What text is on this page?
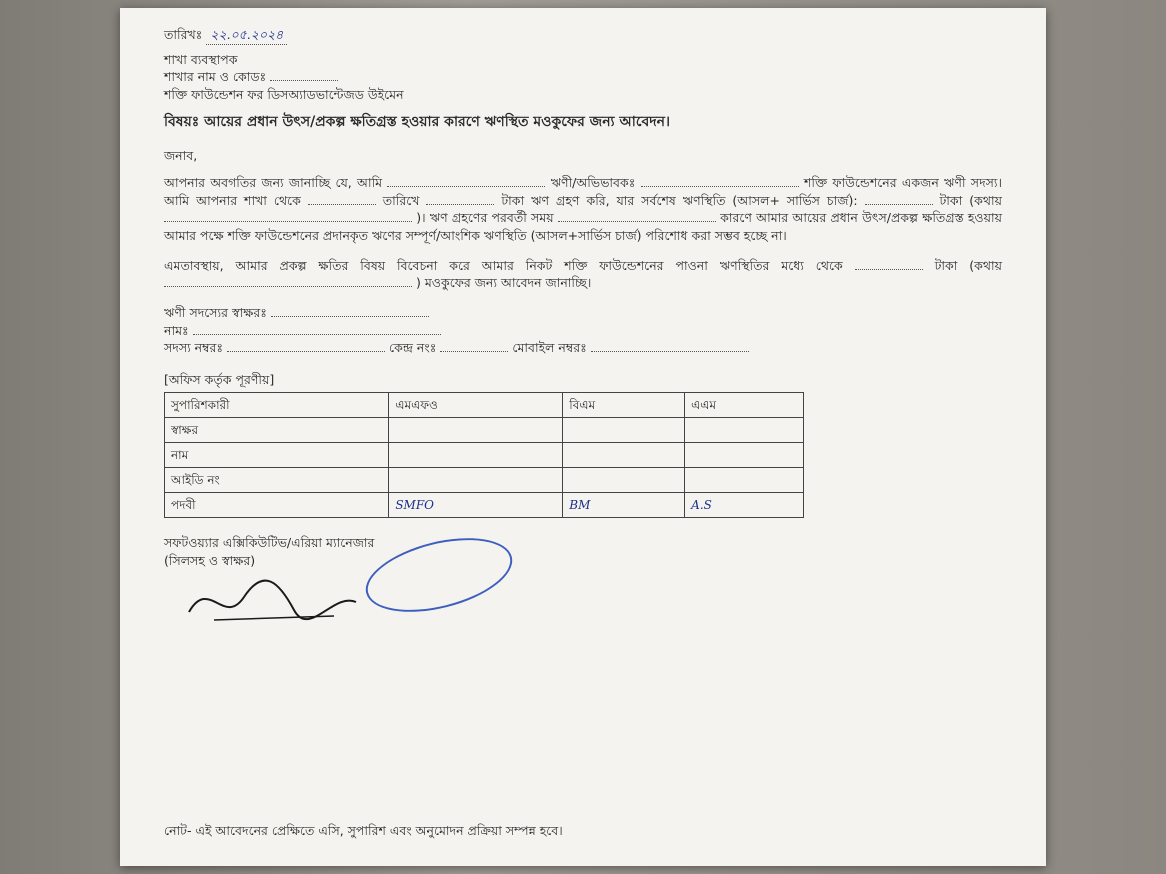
তারিখঃ ২২.০৫.২০২৪

শাখা ব্যবস্থাপক

শাখার নাম ও কোডঃ

শক্তি ফাউন্ডেশন ফর ডিসঅ্যাডভান্টেজড উইমেন

বিষয়ঃ আয়ের প্রধান উৎস/প্রকল্প ক্ষতিগ্রস্ত হওয়ার কারণে ঋণস্থিত মওকুফের জন্য আবেদন।

জনাব,

আপনার অবগতির জন্য জানাচ্ছি যে, আমি	ঋণী/অভিভাবকঃ	শক্তি ফাউন্ডেশনের একজন ঋণী সদস্য। আমি আপনার শাখা থেকে	তারিখে	টাকা ঋণ গ্রহণ করি, যার সর্বশেষ ঋণস্থিতি (আসল+ সার্ভিস চার্জ):	টাকা (কথায়  )। ঋণ গ্রহণের পরবর্তী সময়	কারণে আমার আয়ের প্রধান উৎস/প্রকল্প ক্ষতিগ্রস্ত হওয়ায় আমার পক্ষে শক্তি ফাউন্ডেশনের প্রদানকৃত ঋণের সম্পূর্ণ/আংশিক ঋণস্থিতি (আসল+সার্ভিস চার্জ) পরিশোধ করা সম্ভব হচ্ছে না।

এমতাবস্থায়, আমার প্রকল্প ক্ষতির বিষয় বিবেচনা করে আমার নিকট শক্তি ফাউন্ডেশনের পাওনা ঋণস্থিতির মধ্যে থেকে	টাকা (কথায়  ) মওকুফের জন্য আবেদন জানাচ্ছি।

ঋণী সদস্যের স্বাক্ষরঃ

নামঃ

সদস্য নম্বরঃ	কেন্দ্র নংঃ	মোবাইল নম্বরঃ

[অফিস কর্তৃক পূরণীয়]

সুপারিশকারী	এমএফও	বিএম	এএম
স্বাক্ষর			
নাম			
আইডি নং			
পদবী	SMFO	BM	A.S
সফটওয়্যার এক্সিকিউটিভ/এরিয়া ম্যানেজার
(সিলসহ ও স্বাক্ষর)

নোট- এই আবেদনের প্রেক্ষিতে এসি, সুপারিশ এবং অনুমোদন প্রক্রিয়া সম্পন্ন হবে।
